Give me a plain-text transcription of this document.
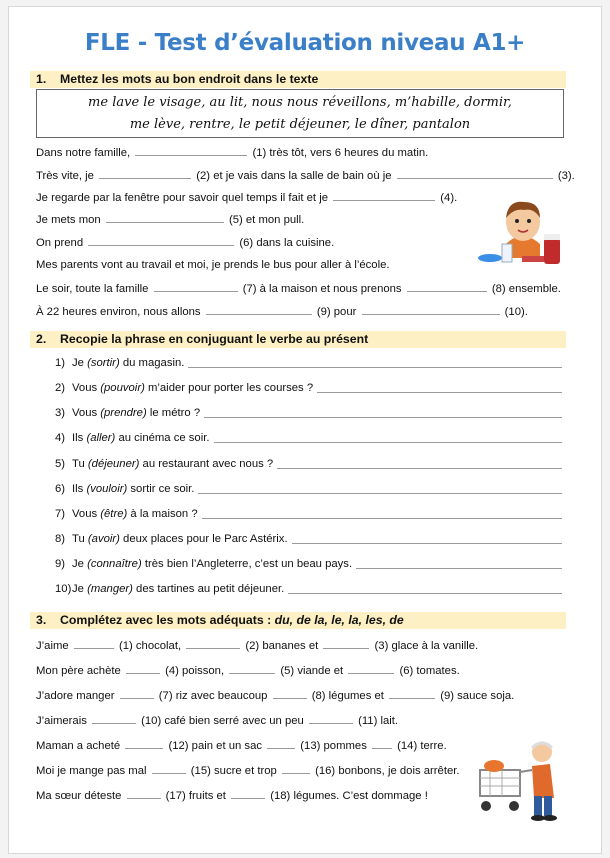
FLE - Test d’évaluation niveau A1+
1. Mettez les mots au bon endroit dans le texte
me lave le visage, au lit, nous nous réveillons, m’habille, dormir,
me lève, rentre, le petit déjeuner, le dîner, pantalon
Dans notre famille,	(1) très tôt, vers 6 heures du matin.
Très vite, je	(2) et je vais dans la salle de bain où je	(3).
Je regarde par la fenêtre pour savoir quel temps il fait et je	(4).
Je mets mon	(5) et mon pull.
On prend	(6) dans la cuisine.
Mes parents vont au travail et moi, je prends le bus pour aller à l’école.
Le soir, toute la famille	(7) à la maison et nous prenons	(8) ensemble.
À 22 heures environ, nous allons	(9) pour	(10).
2. Recopie la phrase en conjuguant le verbe au présent
1) Je (sortir) du magasin.
2) Vous (pouvoir) m’aider pour porter les courses ?
3) Vous (prendre) le métro ?
4) Ils (aller) au cinéma ce soir.
5) Tu (déjeuner) au restaurant avec nous ?
6) Ils (vouloir) sortir ce soir.
7) Vous (être) à la maison ?
8) Tu (avoir) deux places pour le Parc Astérix.
9) Je (connaître) très bien l’Angleterre, c’est un beau pays.
10) Je (manger) des tartines au petit déjeuner.
3. Complétez avec les mots adéquats : du, de la, le, la, les, de
J’aime	(1) chocolat,	(2) bananes et	(3) glace à la vanille.
Mon père achète	(4) poisson,	(5) viande et	(6) tomates.
J’adore manger	(7) riz avec beaucoup	(8) légumes et	(9) sauce soja.
J’aimerais	(10) café bien serré avec un peu	(11) lait.
Maman a acheté	(12) pain et un sac	(13) pommes	(14) terre.
Moi je mange pas mal	(15) sucre et trop	(16) bonbons, je dois arrêter.
Ma sœur déteste	(17) fruits et	(18) légumes. C’est dommage !
